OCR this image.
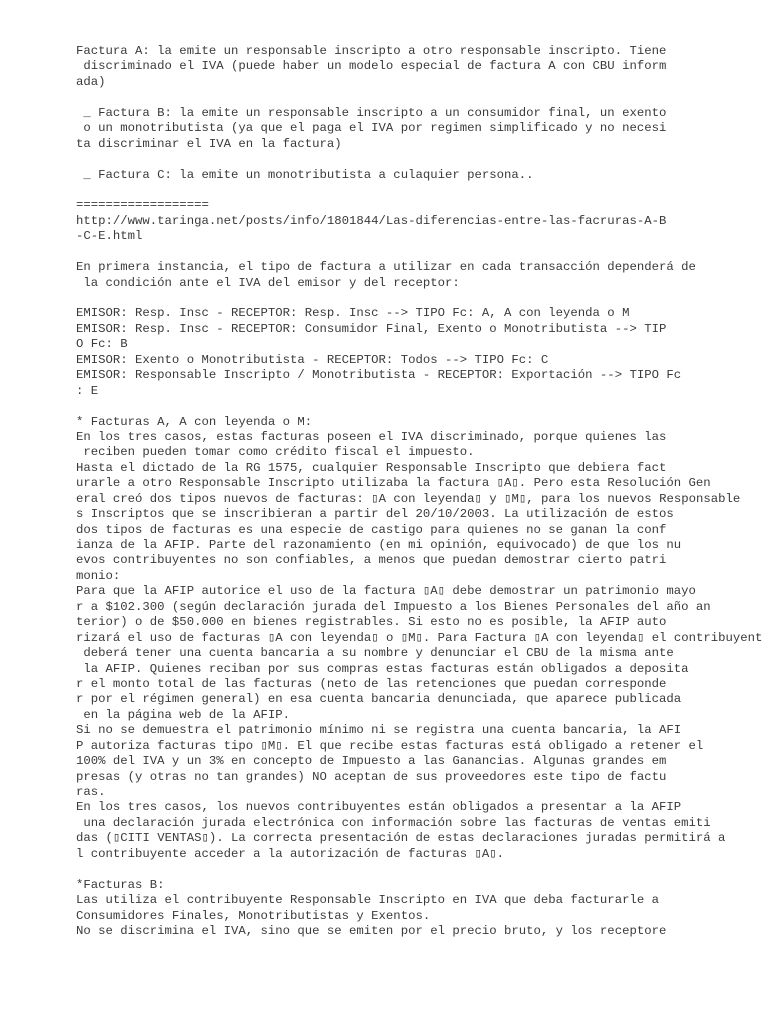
Factura A: la emite un responsable inscripto a otro responsable inscripto. Tiene
discriminado el IVA (puede haber un modelo especial de factura A con CBU inform
ada)
_ Factura B: la emite un responsable inscripto a un consumidor final, un exento
o un monotributista (ya que el paga el IVA por regimen simplificado y no necesi
ta discriminar el IVA en la factura)
_ Factura C: la emite un monotributista a culaquier persona..
==================
http://www.taringa.net/posts/info/1801844/Las-diferencias-entre-las-facruras-A-B
-C-E.html
En primera instancia, el tipo de factura a utilizar en cada transacción dependerá de
la condición ante el IVA del emisor y del receptor:
EMISOR: Resp. Insc - RECEPTOR: Resp. Insc --> TIPO Fc: A, A con leyenda o M
EMISOR: Resp. Insc - RECEPTOR: Consumidor Final, Exento o Monotributista --> TIP
O Fc: B
EMISOR: Exento o Monotributista - RECEPTOR: Todos --> TIPO Fc: C
EMISOR: Responsable Inscripto / Monotributista - RECEPTOR: Exportación --> TIPO Fc
: E
* Facturas A, A con leyenda o M:
En los tres casos, estas facturas poseen el IVA discriminado, porque quienes las
reciben pueden tomar como crédito fiscal el impuesto.
Hasta el dictado de la RG 1575, cualquier Responsable Inscripto que debiera fact
urarle a otro Responsable Inscripto utilizaba la factura ▯A▯. Pero esta Resolución Gen
eral creó dos tipos nuevos de facturas: ▯A con leyenda▯ y ▯M▯, para los nuevos Responsable
s Inscriptos que se inscribieran a partir del 20/10/2003. La utilización de estos
dos tipos de facturas es una especie de castigo para quienes no se ganan la conf
ianza de la AFIP. Parte del razonamiento (en mi opinión, equivocado) de que los nu
evos contribuyentes no son confiables, a menos que puedan demostrar cierto patri
monio:
Para que la AFIP autorice el uso de la factura ▯A▯ debe demostrar un patrimonio mayo
r a $102.300 (según declaración jurada del Impuesto a los Bienes Personales del año an
terior) o de $50.000 en bienes registrables. Si esto no es posible, la AFIP auto
rizará el uso de facturas ▯A con leyenda▯ o ▯M▯. Para Factura ▯A con leyenda▯ el contribuyent
deberá tener una cuenta bancaria a su nombre y denunciar el CBU de la misma ante
la AFIP. Quienes reciban por sus compras estas facturas están obligados a deposita
r el monto total de las facturas (neto de las retenciones que puedan corresponde
r por el régimen general) en esa cuenta bancaria denunciada, que aparece publicada
en la página web de la AFIP.
Si no se demuestra el patrimonio mínimo ni se registra una cuenta bancaria, la AFI
P autoriza facturas tipo ▯M▯. El que recibe estas facturas está obligado a retener el
100% del IVA y un 3% en concepto de Impuesto a las Ganancias. Algunas grandes em
presas (y otras no tan grandes) NO aceptan de sus proveedores este tipo de factu
ras.
En los tres casos, los nuevos contribuyentes están obligados a presentar a la AFIP
una declaración jurada electrónica con información sobre las facturas de ventas emiti
das (▯CITI VENTAS▯). La correcta presentación de estas declaraciones juradas permitirá a
l contribuyente acceder a la autorización de facturas ▯A▯.
*Facturas B:
Las utiliza el contribuyente Responsable Inscripto en IVA que deba facturarle a
Consumidores Finales, Monotributistas y Exentos.
No se discrimina el IVA, sino que se emiten por el precio bruto, y los receptore
